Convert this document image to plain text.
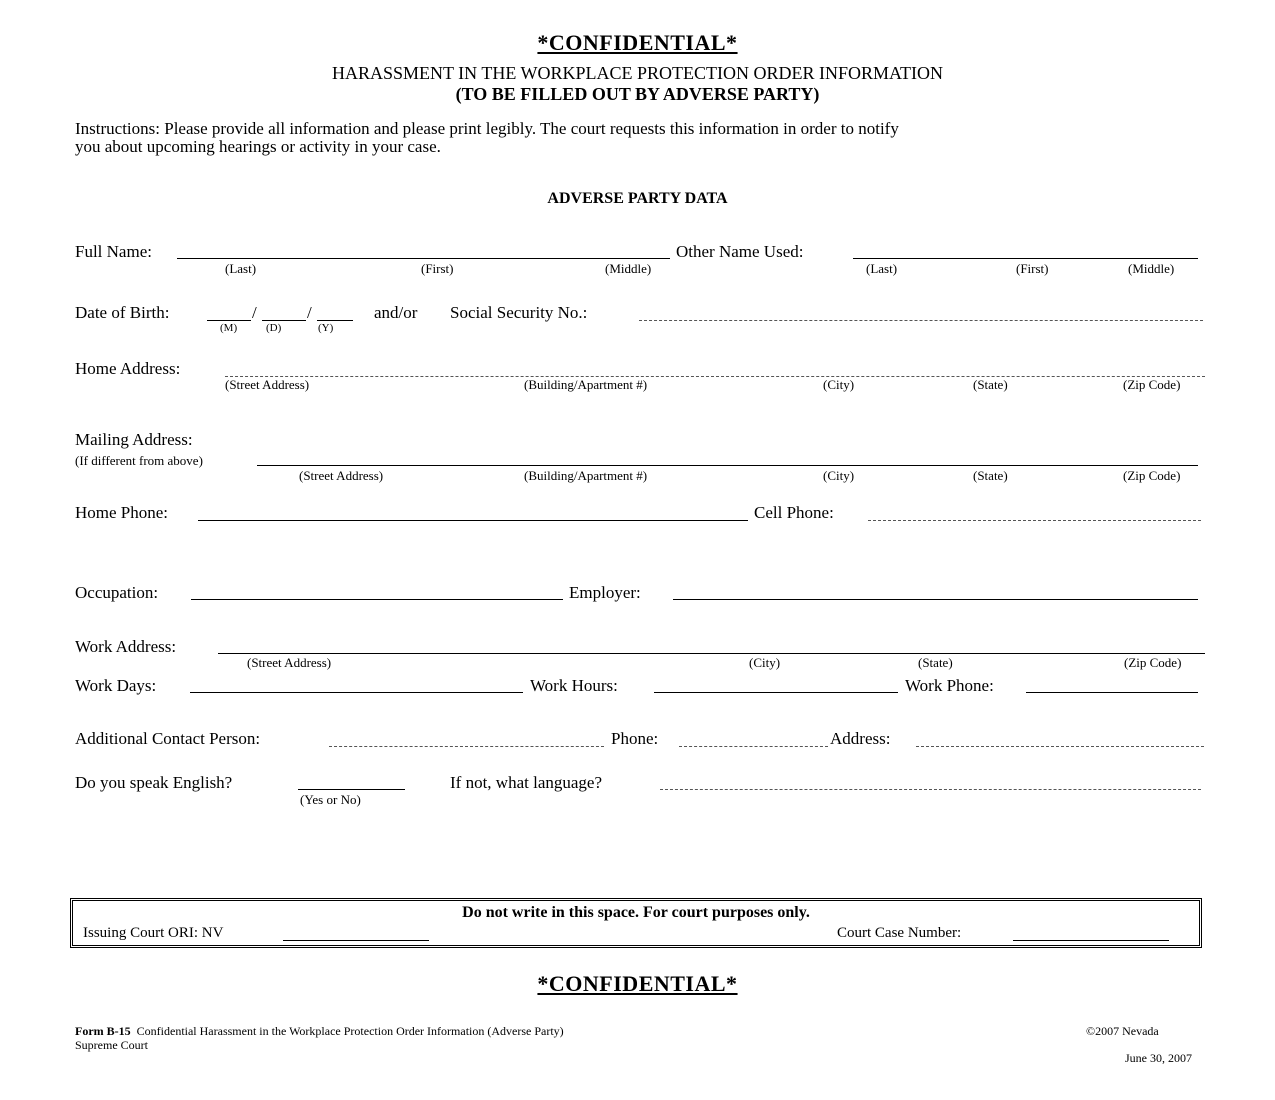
*CONFIDENTIAL*
HARASSMENT IN THE WORKPLACE PROTECTION ORDER INFORMATION
(TO BE FILLED OUT BY ADVERSE PARTY)
Instructions: Please provide all information and please print legibly. The court requests this information in order to notify
you about upcoming hearings or activity in your case.
ADVERSE PARTY DATA
Full Name:	Other Name Used:
(Last)	(First)	(Middle)	(Last)	(First)	(Middle)
Date of Birth:	/	/
(M)	(D)	(Y)
and/or Social Security No.:
Home Address:
(Street Address)	(Building/Apartment #)	(City)	(State)	(Zip Code)
Mailing Address:
(If different from above)
(Street Address)	(Building/Apartment #)	(City)	(State)	(Zip Code)
Home Phone:	Cell Phone:
Occupation:	Employer:
Work Address:
(Street Address)	(City)	(State)	(Zip Code)
Work Days:	Work Hours:	Work Phone:
Additional Contact Person:	Phone:	Address:
Do you speak English?
(Yes or No)
If not, what language?
Do not write in this space. For court purposes only.
Issuing Court ORI: NV	Court Case Number:
*CONFIDENTIAL*
Form B-15 Confidential Harassment in the Workplace Protection Order Information (Adverse Party)
Supreme Court
©2007 Nevada
June 30, 2007
